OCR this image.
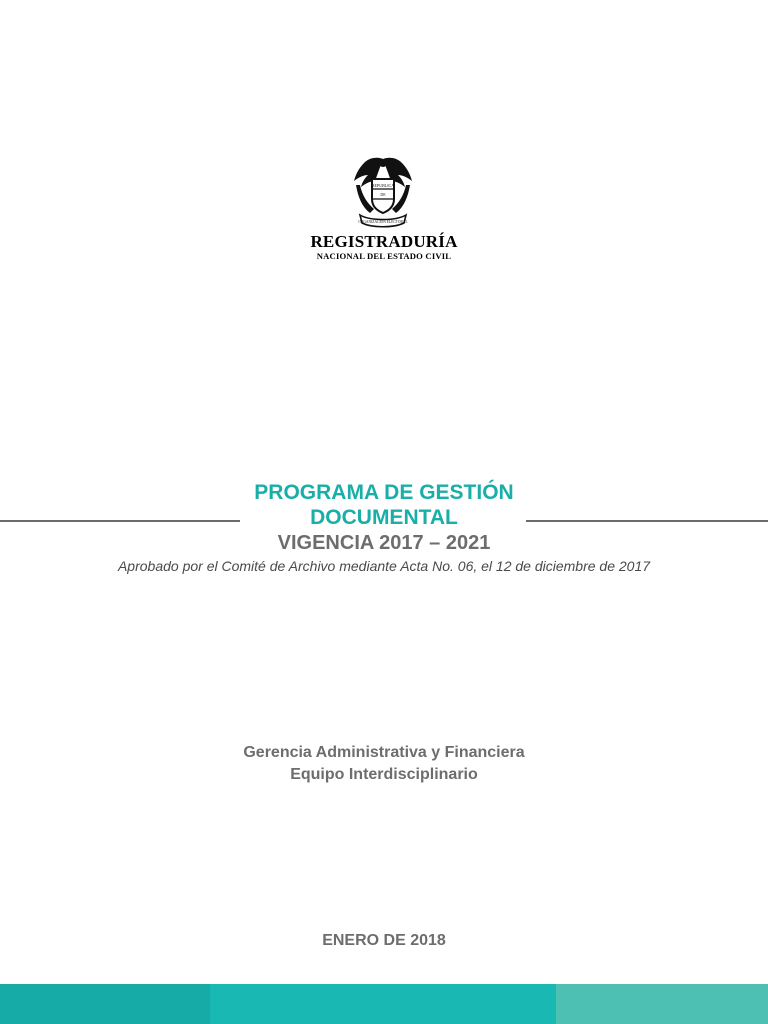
REPUBLICA
DE
ORGANIZACION ELECTORAL
REGISTRADURÍA
NACIONAL DEL ESTADO CIVIL
PROGRAMA DE GESTIÓN
DOCUMENTAL
VIGENCIA 2017 – 2021
Aprobado por el Comité de Archivo mediante Acta No. 06, el 12 de diciembre de 2017
Gerencia Administrativa y Financiera
Equipo Interdisciplinario
ENERO DE 2018
